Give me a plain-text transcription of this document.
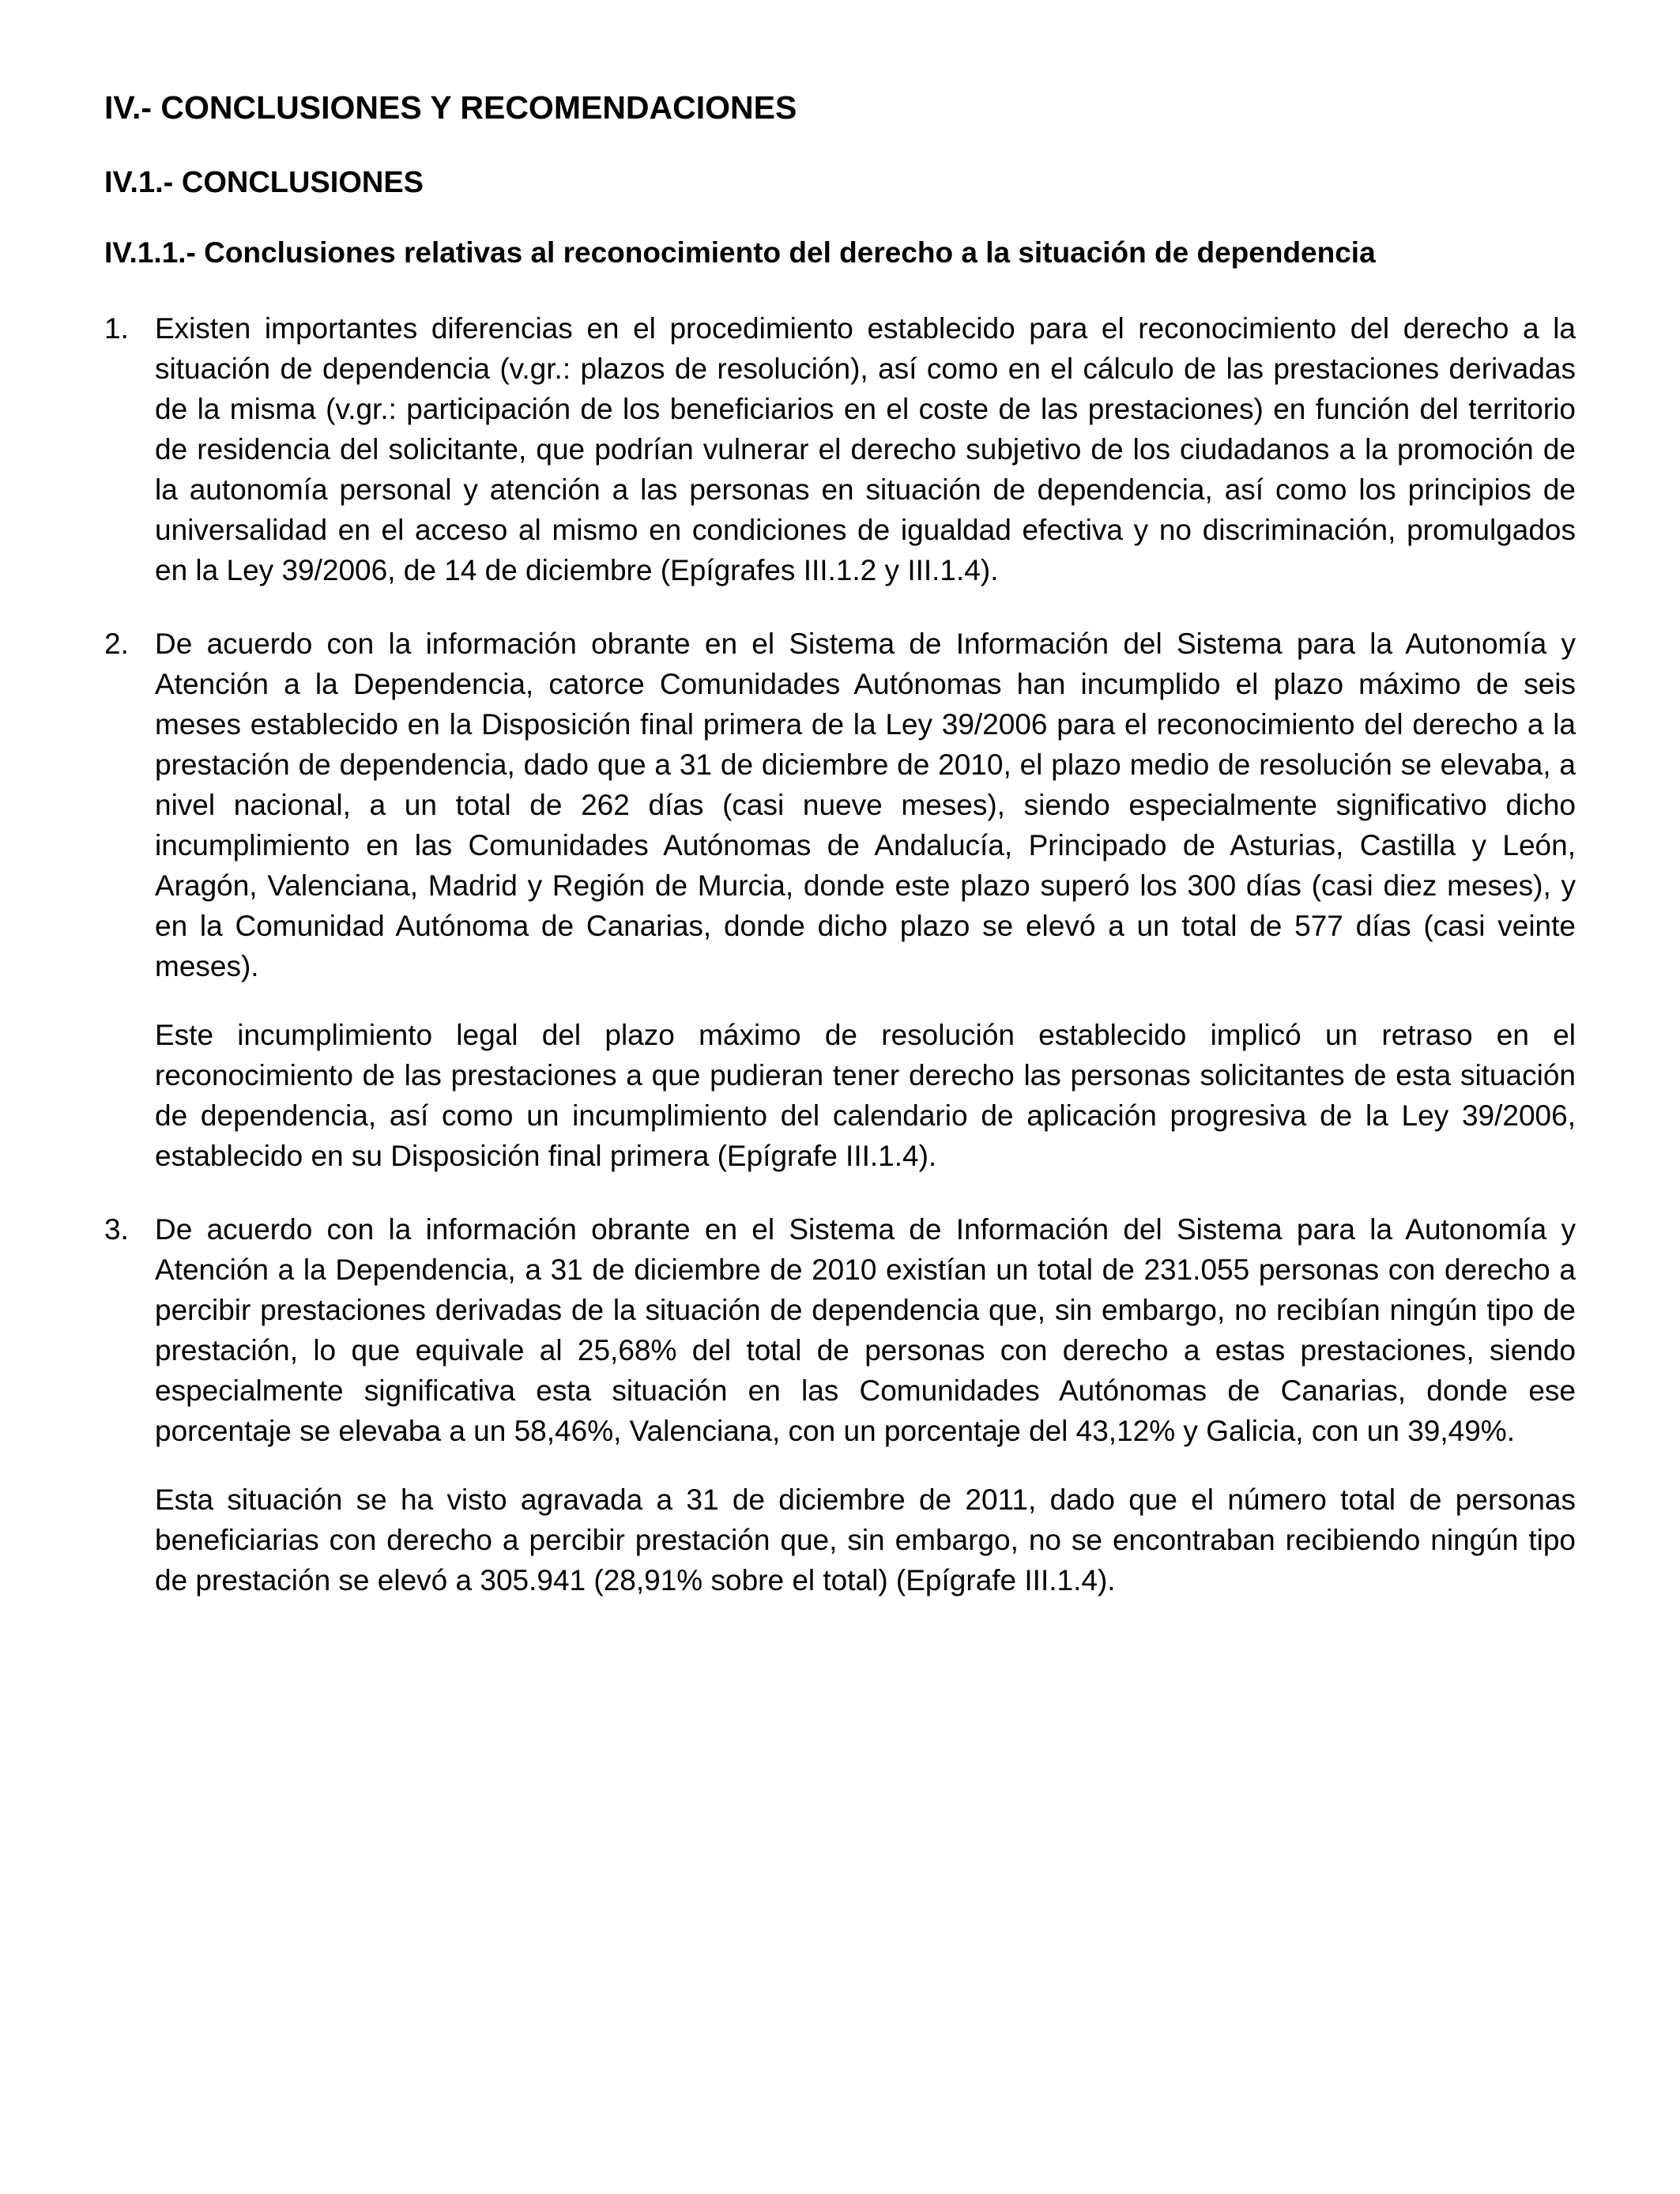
IV.- CONCLUSIONES Y RECOMENDACIONES
IV.1.- CONCLUSIONES
IV.1.1.- Conclusiones relativas al reconocimiento del derecho a la situación de dependencia
1. Existen importantes diferencias en el procedimiento establecido para el reconocimiento del derecho a la situación de dependencia (v.gr.: plazos de resolución), así como en el cálculo de las prestaciones derivadas de la misma (v.gr.: participación de los beneficiarios en el coste de las prestaciones) en función del territorio de residencia del solicitante, que podrían vulnerar el derecho subjetivo de los ciudadanos a la promoción de la autonomía personal y atención a las personas en situación de dependencia, así como los principios de universalidad en el acceso al mismo en condiciones de igualdad efectiva y no discriminación, promulgados en la Ley 39/2006, de 14 de diciembre (Epígrafes III.1.2 y III.1.4).

2. De acuerdo con la información obrante en el Sistema de Información del Sistema para la Autonomía y Atención a la Dependencia, catorce Comunidades Autónomas han incumplido el plazo máximo de seis meses establecido en la Disposición final primera de la Ley 39/2006 para el reconocimiento del derecho a la prestación de dependencia, dado que a 31 de diciembre de 2010, el plazo medio de resolución se elevaba, a nivel nacional, a un total de 262 días (casi nueve meses), siendo especialmente significativo dicho incumplimiento en las Comunidades Autónomas de Andalucía, Principado de Asturias, Castilla y León, Aragón, Valenciana, Madrid y Región de Murcia, donde este plazo superó los 300 días (casi diez meses), y en la Comunidad Autónoma de Canarias, donde dicho plazo se elevó a un total de 577 días (casi veinte meses).

Este incumplimiento legal del plazo máximo de resolución establecido implicó un retraso en el reconocimiento de las prestaciones a que pudieran tener derecho las personas solicitantes de esta situación de dependencia, así como un incumplimiento del calendario de aplicación progresiva de la Ley 39/2006, establecido en su Disposición final primera (Epígrafe III.1.4).

3. De acuerdo con la información obrante en el Sistema de Información del Sistema para la Autonomía y Atención a la Dependencia, a 31 de diciembre de 2010 existían un total de 231.055 personas con derecho a percibir prestaciones derivadas de la situación de dependencia que, sin embargo, no recibían ningún tipo de prestación, lo que equivale al 25,68% del total de personas con derecho a estas prestaciones, siendo especialmente significativa esta situación en las Comunidades Autónomas de Canarias, donde ese porcentaje se elevaba a un 58,46%, Valenciana, con un porcentaje del 43,12% y Galicia, con un 39,49%.

Esta situación se ha visto agravada a 31 de diciembre de 2011, dado que el número total de personas beneficiarias con derecho a percibir prestación que, sin embargo, no se encontraban recibiendo ningún tipo de prestación se elevó a 305.941 (28,91% sobre el total) (Epígrafe III.1.4).
